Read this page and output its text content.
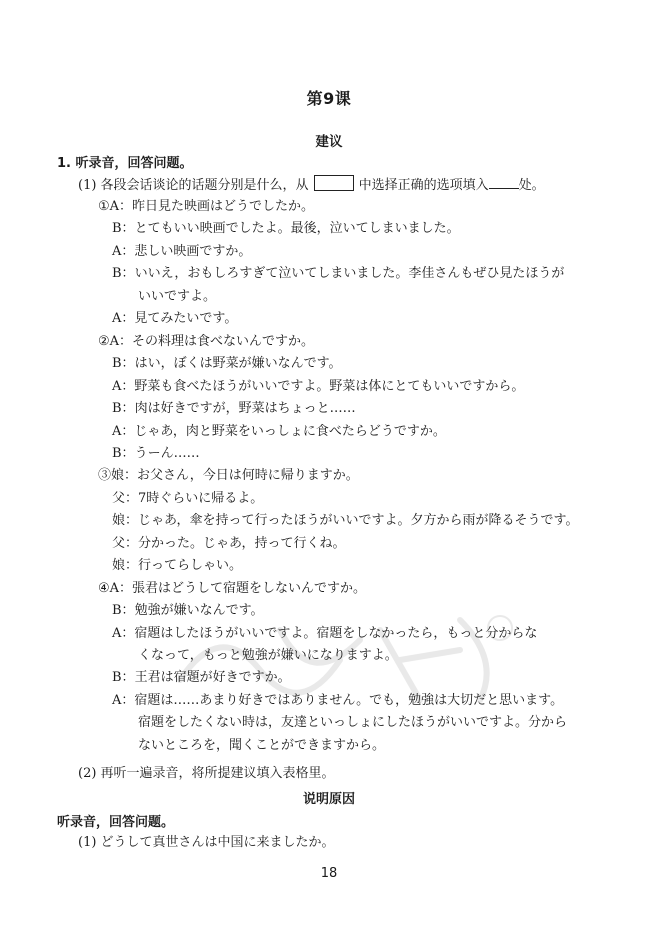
第9课
建议
1. 听录音，回答问题。
(1) 各段会话谈论的话题分别是什么，从	中选择正确的选项填入 处。
①A：昨日見た映画はどうでしたか。
B：とてもいい映画でしたよ。最後，泣いてしまいました。
A：悲しい映画ですか。
B：いいえ，おもしろすぎて泣いてしまいました。李佳さんもぜひ見たほうが
いいですよ。
A：見てみたいです。
②A：その料理は食べないんですか。
B：はい，ぼくは野菜が嫌いなんです。
A：野菜も食べたほうがいいですよ。野菜は体にとてもいいですから。
B：肉は好きですが，野菜はちょっと……
A：じゃあ，肉と野菜をいっしょに食べたらどうですか。
B：うーん……
③娘：お父さん，今日は何時に帰りますか。
父：7時ぐらいに帰るよ。
娘：じゃあ，傘を持って行ったほうがいいですよ。夕方から雨が降るそうです。
父：分かった。じゃあ，持って行くね。
娘：行ってらしゃい。
④A：張君はどうして宿題をしないんですか。
B：勉強が嫌いなんです。
A：宿題はしたほうがいいですよ。宿題をしなかったら，もっと分からな
くなって，もっと勉強が嫌いになりますよ。
B：王君は宿題が好きですか。
A：宿題は……あまり好きではありません。でも，勉強は大切だと思います。
宿題をしたくない時は，友達といっしょにしたほうがいいですよ。分から
ないところを，聞くことができますから。
(2) 再听一遍录音，将所提建议填入表格里。
说明原因
听录音，回答问题。
(1) どうして真世さんは中国に来ましたか。
18
